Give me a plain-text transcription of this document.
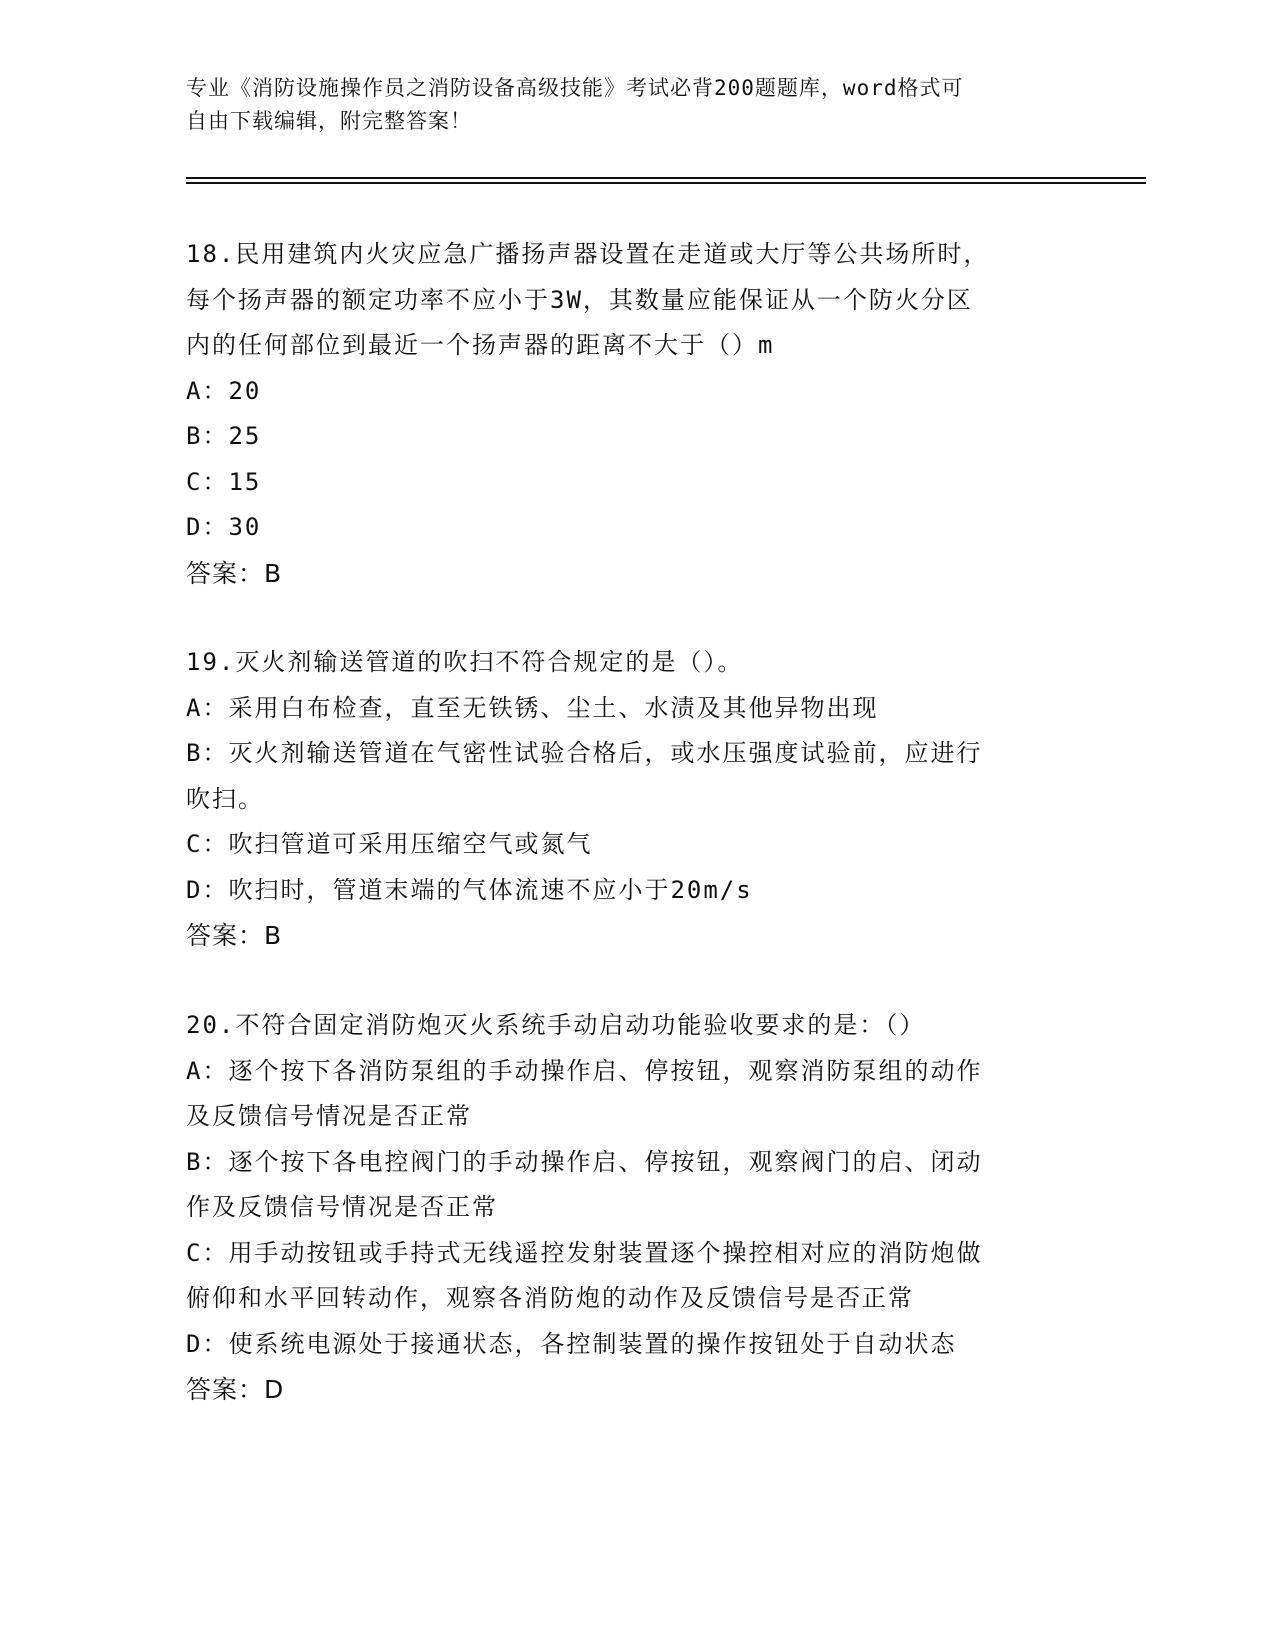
专业《消防设施操作员之消防设备高级技能》考试必背200题题库，word格式可
自由下载编辑，附完整答案！
18.民用建筑内火灾应急广播扬声器设置在走道或大厅等公共场所时，
每个扬声器的额定功率不应小于3W，其数量应能保证从一个防火分区
内的任何部位到最近一个扬声器的距离不大于（）m
A：20
B：25
C：15
D：30
答案：B
19.灭火剂输送管道的吹扫不符合规定的是（）。
A：采用白布检查，直至无铁锈、尘土、水渍及其他异物出现
B：灭火剂输送管道在气密性试验合格后，或水压强度试验前，应进行
吹扫。
C：吹扫管道可采用压缩空气或氮气
D：吹扫时，管道末端的气体流速不应小于20m/s
答案：B
20.不符合固定消防炮灭火系统手动启动功能验收要求的是：（）
A：逐个按下各消防泵组的手动操作启、停按钮，观察消防泵组的动作
及反馈信号情况是否正常
B：逐个按下各电控阀门的手动操作启、停按钮，观察阀门的启、闭动
作及反馈信号情况是否正常
C：用手动按钮或手持式无线遥控发射装置逐个操控相对应的消防炮做
俯仰和水平回转动作，观察各消防炮的动作及反馈信号是否正常
D：使系统电源处于接通状态，各控制装置的操作按钮处于自动状态
答案：D
